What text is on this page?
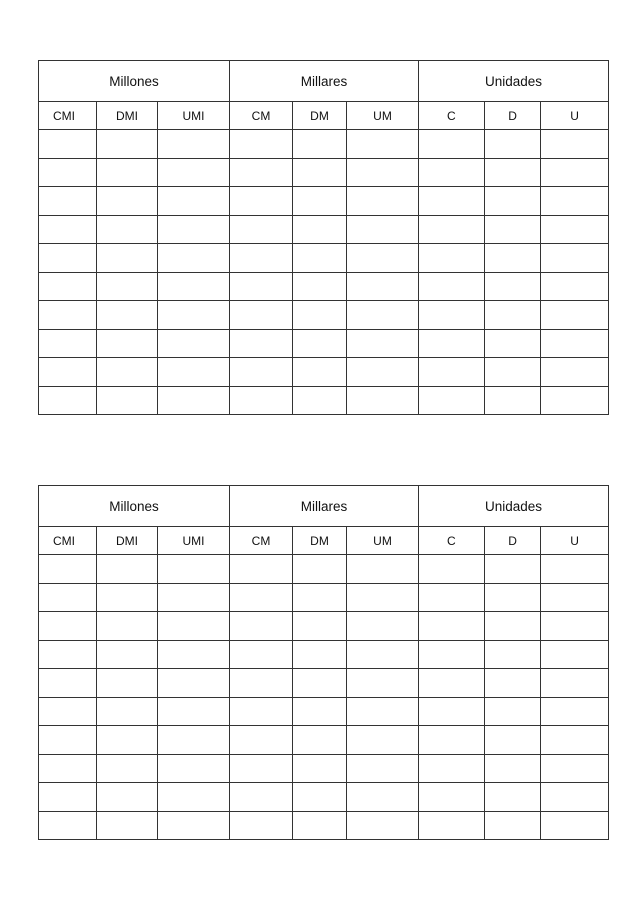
Millones			Millares			Unidades		
CMI	DMI	UMI	CM	DM	UM	C	D	U

Millones			Millares			Unidades		
CMI	DMI	UMI	CM	DM	UM	C	D	U
